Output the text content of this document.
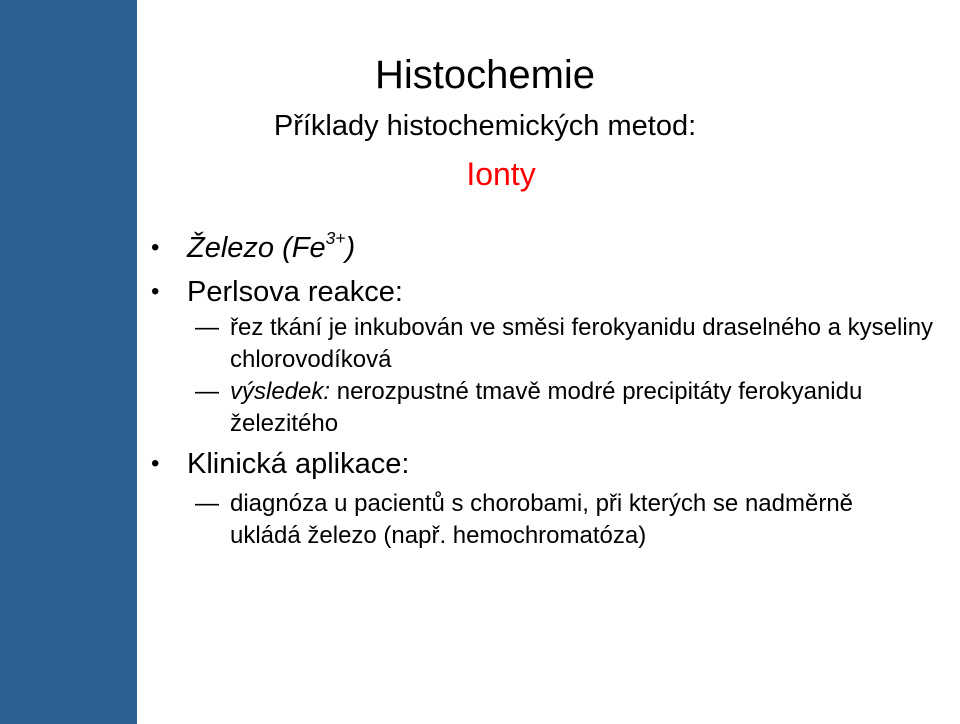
Histochemie
Příklady histochemických metod:
Ionty
• Železo $(Fe^{3+})$
• Perlsova reakce:
— řez tkání je inkubován ve směsi ferokyanidu draselného a kyseliny chlorovodíková
— výsledek: nerozpustné tmavě modré precipitáty ferokyanidu železitého
• Klinická aplikace:
— diagnóza u pacientů s chorobami, při kterých se nadměrně ukládá železo (např. hemochromatóza)
